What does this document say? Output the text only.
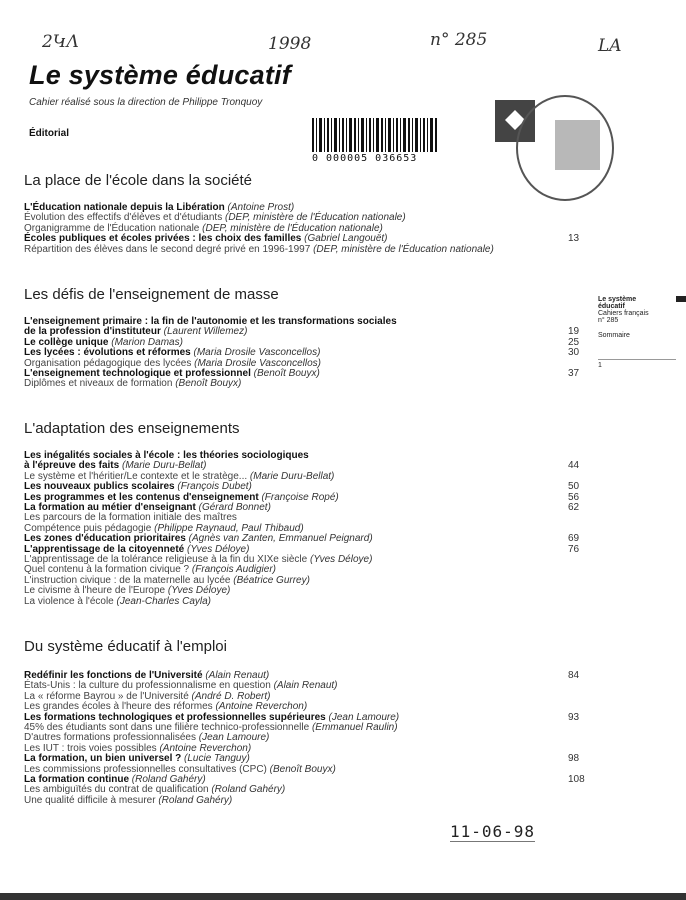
2ԿΛ	1998	n° 285	LA
Le système éducatif
Cahier réalisé sous la direction de Philippe Tronquoy
Éditorial
0 000005 036653
Le système
éducatif
Cahiers français
n° 285
Sommaire
1
La place de l'école dans la société
L'Éducation nationale depuis la Libération (Antoine Prost)
Évolution des effectifs d'élèves et d'étudiants (DEP, ministère de l'Éducation nationale)
Organigramme de l'Éducation nationale (DEP, ministère de l'Éducation nationale)
Écoles publiques et écoles privées : les choix des familles (Gabriel Langouët)	13
Répartition des élèves dans le second degré privé en 1996-1997 (DEP, ministère de l'Éducation nationale)
Les défis de l'enseignement de masse
L'enseignement primaire : la fin de l'autonomie et les transformations sociales
de la profession d'instituteur (Laurent Willemez)	19
Le collège unique (Marion Damas)	25
Les lycées : évolutions et réformes (Maria Drosile Vasconcellos)	30
Organisation pédagogique des lycées (Maria Drosile Vasconcellos)
L'enseignement technologique et professionnel (Benoît Bouyx)	37
Diplômes et niveaux de formation (Benoît Bouyx)
L'adaptation des enseignements
Les inégalités sociales à l'école : les théories sociologiques
à l'épreuve des faits (Marie Duru-Bellat)	44
Le système et l'héritier/Le contexte et le stratège... (Marie Duru-Bellat)
Les nouveaux publics scolaires (François Dubet)	50
Les programmes et les contenus d'enseignement (Françoise Ropé)	56
La formation au métier d'enseignant (Gérard Bonnet)	62
Les parcours de la formation initiale des maîtres
Compétence puis pédagogie (Philippe Raynaud, Paul Thibaud)
Les zones d'éducation prioritaires (Agnès van Zanten, Emmanuel Peignard)	69
L'apprentissage de la citoyenneté (Yves Déloye)	76
L'apprentissage de la tolérance religieuse à la fin du XIXe siècle (Yves Déloye)
Quel contenu à la formation civique ? (François Audigier)
L'instruction civique : de la maternelle au lycée (Béatrice Gurrey)
Le civisme à l'heure de l'Europe (Yves Déloye)
La violence à l'école (Jean-Charles Cayla)
Du système éducatif à l'emploi
Redéfinir les fonctions de l'Université (Alain Renaut)	84
États-Unis : la culture du professionnalisme en question (Alain Renaut)
La « réforme Bayrou » de l'Université (André D. Robert)
Les grandes écoles à l'heure des réformes (Antoine Reverchon)
Les formations technologiques et professionnelles supérieures (Jean Lamoure)	93
45% des étudiants sont dans une filière technico-professionnelle (Emmanuel Raulin)
D'autres formations professionnalisées (Jean Lamoure)
Les IUT : trois voies possibles (Antoine Reverchon)
La formation, un bien universel ? (Lucie Tanguy)	98
Les commissions professionnelles consultatives (CPC) (Benoît Bouyx)
La formation continue (Roland Gahéry)	108
Les ambiguïtés du contrat de qualification (Roland Gahéry)
Une qualité difficile à mesurer (Roland Gahéry)
11-06-98
